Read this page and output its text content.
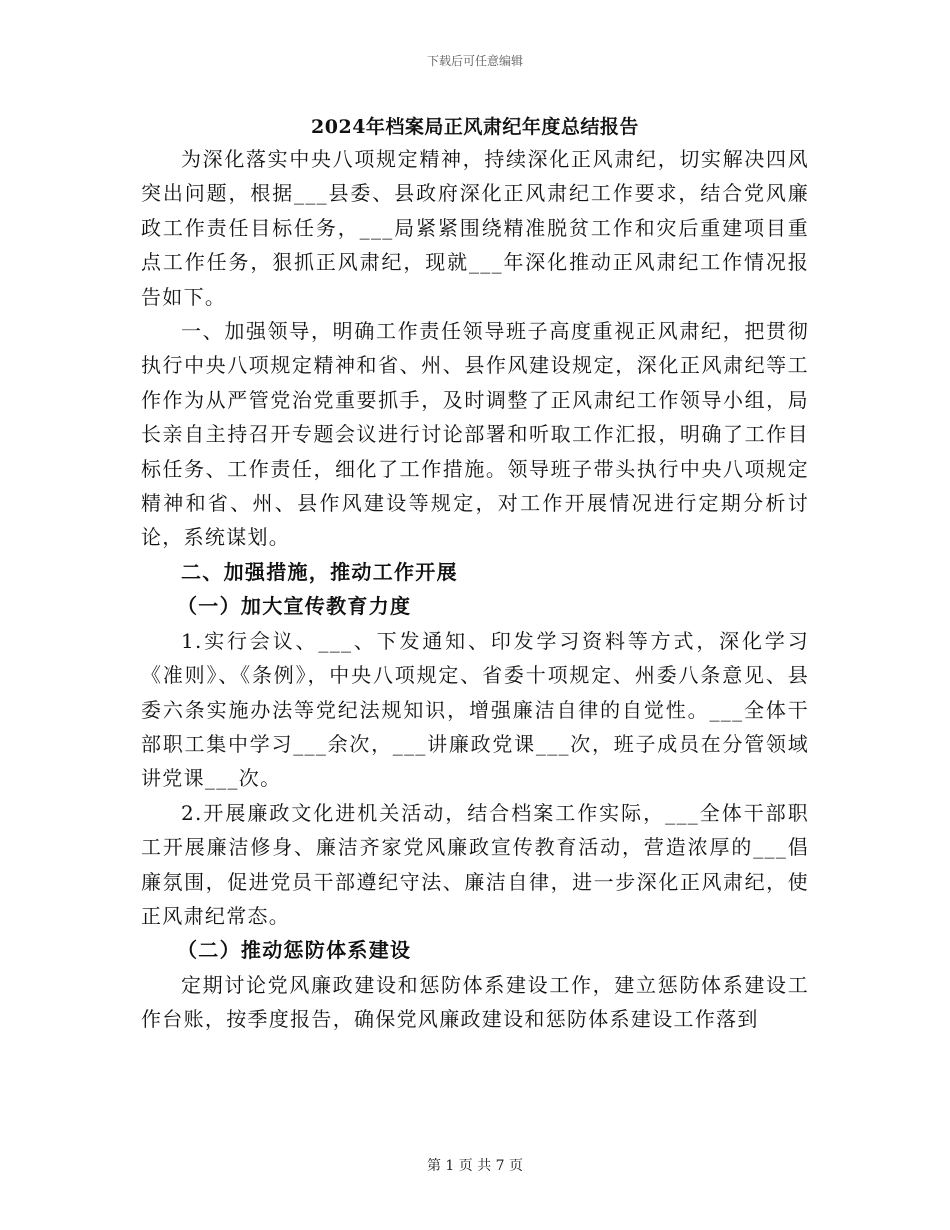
下载后可任意编辑
2024年档案局正风肃纪年度总结报告

为深化落实中央八项规定精神，持续深化正风肃纪，切实解决四风突出问题，根据___县委、县政府深化正风肃纪工作要求，结合党风廉政工作责任目标任务，___局紧紧围绕精准脱贫工作和灾后重建项目重点工作任务，狠抓正风肃纪，现就___年深化推动正风肃纪工作情况报告如下。

一、加强领导，明确工作责任领导班子高度重视正风肃纪，把贯彻执行中央八项规定精神和省、州、县作风建设规定，深化正风肃纪等工作作为从严管党治党重要抓手，及时调整了正风肃纪工作领导小组，局长亲自主持召开专题会议进行讨论部署和听取工作汇报，明确了工作目标任务、工作责任，细化了工作措施。领导班子带头执行中央八项规定精神和省、州、县作风建设等规定，对工作开展情况进行定期分析讨论，系统谋划。

二、加强措施，推动工作开展

（一）加大宣传教育力度

1.实行会议、___、下发通知、印发学习资料等方式，深化学习《准则》、《条例》，中央八项规定、省委十项规定、州委八条意见、县委六条实施办法等党纪法规知识，增强廉洁自律的自觉性。___全体干部职工集中学习___余次，___讲廉政党课___次，班子成员在分管领域讲党课___次。

2.开展廉政文化进机关活动，结合档案工作实际，___全体干部职工开展廉洁修身、廉洁齐家党风廉政宣传教育活动，营造浓厚的___倡廉氛围，促进党员干部遵纪守法、廉洁自律，进一步深化正风肃纪，使正风肃纪常态。

（二）推动惩防体系建设

定期讨论党风廉政建设和惩防体系建设工作，建立惩防体系建设工作台账，按季度报告，确保党风廉政建设和惩防体系建设工作落到

第 1 页 共 7 页
